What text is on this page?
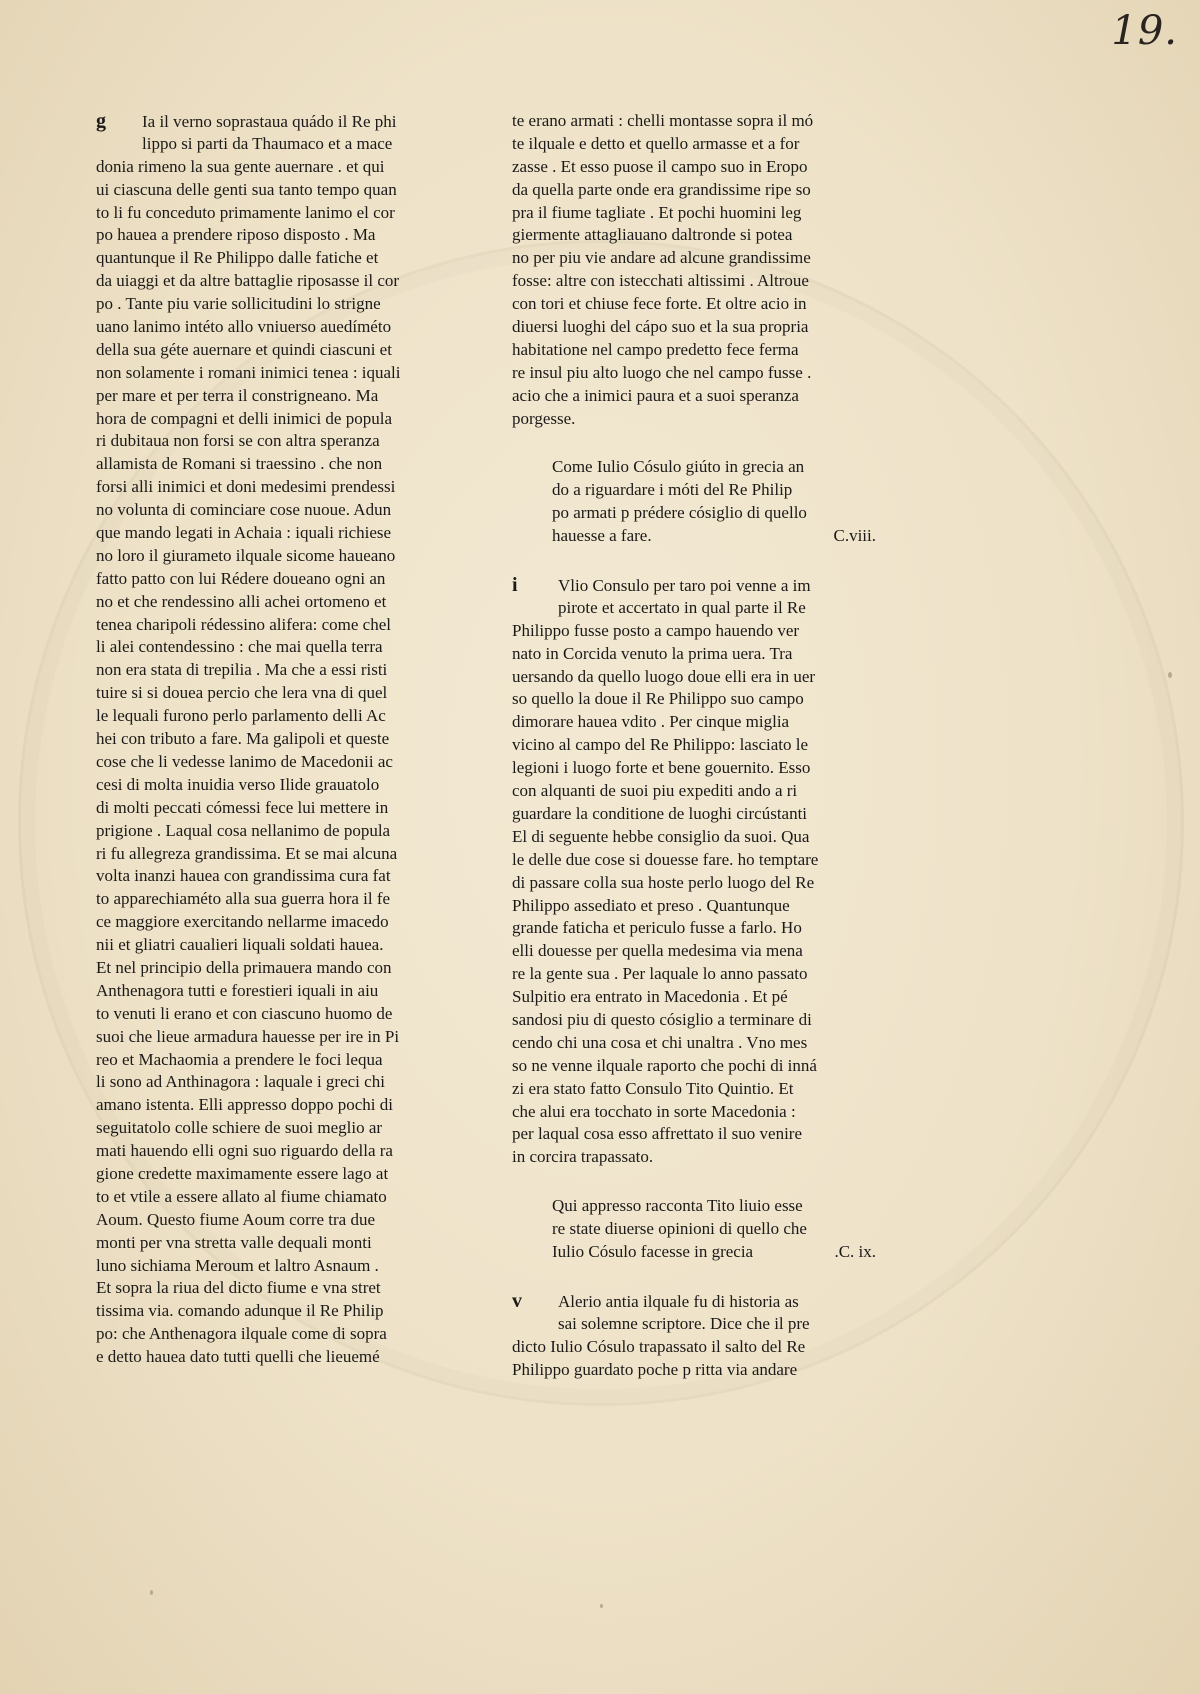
19.
g Ia il verno soprastaua quádo il Re phi
lippo si parti da Thaumaco et a mace
donia rimeno la sua gente auernare . et qui
ui ciascuna delle genti sua tanto tempo quan
to li fu conceduto primamente lanimo el cor
po hauea a prendere riposo disposto . Ma
quantunque il Re Philippo dalle fatiche et
da uiaggi et da altre battaglie riposasse il cor
po . Tante piu varie sollicitudini lo strigne
uano lanimo intéto allo vniuerso auedíméto
della sua géte auernare et quindi ciascuni et
non solamente i romani inimici tenea : iquali
per mare et per terra il constrigneano. Ma
hora de compagni et delli inimici de popula
ri dubitaua non forsi se con altra speranza
allamista de Romani si traessino . che non
forsi alli inimici et doni medesimi prendessi
no volunta di cominciare cose nuoue. Adun
que mando legati in Achaia : iquali richiese
no loro il giurameto ilquale sicome haueano
fatto patto con lui Rédere doueano ogni an
no et che rendessino alli achei ortomeno et
tenea charipoli rédessino alifera: come chel
li alei contendessino : che mai quella terra
non era stata di trepilia . Ma che a essi risti
tuire si si douea percio che lera vna di quel
le lequali furono perlo parlamento delli Ac
hei con tributo a fare. Ma galipoli et queste
cose che li vedesse lanimo de Macedonii ac
cesi di molta inuidia verso Ilide grauatolo
di molti peccati cómessi fece lui mettere in
prigione . Laqual cosa nellanimo de popula
ri fu allegreza grandissima. Et se mai alcuna
volta inanzi hauea con grandissima cura fat
to apparechiaméto alla sua guerra hora il fe
ce maggiore exercitando nellarme imacedo
nii et gliatri caualieri liquali soldati hauea.
Et nel principio della primauera mando con
Anthenagora tutti e forestieri iquali in aiu
to venuti li erano et con ciascuno huomo de
suoi che lieue armadura hauesse per ire in Pi
reo et Machaomia a prendere le foci lequa
li sono ad Anthinagora : laquale i greci chi
amano istenta. Elli appresso doppo pochi di
seguitatolo colle schiere de suoi meglio ar
mati hauendo elli ogni suo riguardo della ra
gione credette maximamente essere lago at
to et vtile a essere allato al fiume chiamato
Aoum. Questo fiume Aoum corre tra due
monti per vna stretta valle dequali monti
luno sichiama Meroum et laltro Asnaum .
Et sopra la riua del dicto fiume e vna stret
tissima via. comando adunque il Re Philip
po: che Anthenagora ilquale come di sopra
e detto hauea dato tutti quelli che lieuemé
te erano armati : chelli montasse sopra il mó
te ilquale e detto et quello armasse et a for
zasse . Et esso puose il campo suo in Eropo
da quella parte onde era grandissime ripe so
pra il fiume tagliate . Et pochi huomini leg
giermente attagliauano daltronde si potea
no per piu vie andare ad alcune grandissime
fosse: altre con istecchati altissimi . Altroue
con tori et chiuse fece forte. Et oltre acio in
diuersi luoghi del cápo suo et la sua propria
habitatione nel campo predetto fece ferma
re insul piu alto luogo che nel campo fusse .
acio che a inimici paura et a suoi speranza
porgesse.
Come Iulio Cósulo giúto in grecia an
do a riguardare i móti del Re Philip
po armati p prédere cósiglio di quello
hauesse a fare.	C.viii.
i Vlio Consulo per taro poi venne a im
pirote et accertato in qual parte il Re
Philippo fusse posto a campo hauendo ver
nato in Corcida venuto la prima uera. Tra
uersando da quello luogo doue elli era in uer
so quello la doue il Re Philippo suo campo
dimorare hauea vdito . Per cinque miglia
vicino al campo del Re Philippo: lasciato le
legioni i luogo forte et bene gouernito. Esso
con alquanti de suoi piu expediti ando a ri
guardare la conditione de luoghi circústanti
El di seguente hebbe consiglio da suoi. Qua
le delle due cose si douesse fare. ho temptare
di passare colla sua hoste perlo luogo del Re
Philippo assediato et preso . Quantunque
grande faticha et periculo fusse a farlo. Ho
elli douesse per quella medesima via mena
re la gente sua . Per laquale lo anno passato
Sulpitio era entrato in Macedonia . Et pé
sandosi piu di questo cósiglio a terminare di
cendo chi una cosa et chi unaltra . Vno mes
so ne venne ilquale raporto che pochi di inná
zi era stato fatto Consulo Tito Quintio. Et
che alui era tocchato in sorte Macedonia :
per laqual cosa esso affrettato il suo venire
in corcira trapassato.
Qui appresso racconta Tito liuio esse
re state diuerse opinioni di quello che
Iulio Cósulo facesse in grecia	.C. ix.
v Alerio antia ilquale fu di historia as
sai solemne scriptore. Dice che il pre
dicto Iulio Cósulo trapassato il salto del Re
Philippo guardato poche p ritta via andare
